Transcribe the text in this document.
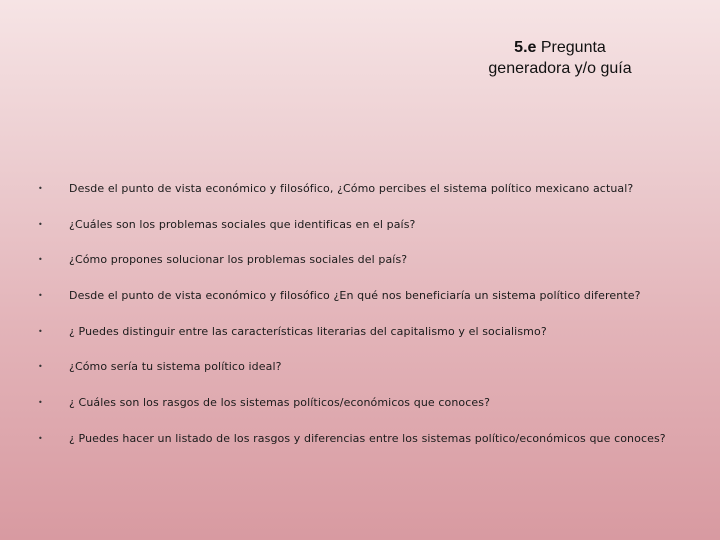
5.e Pregunta
generadora y/o guía
•	Desde el punto de vista económico y filosófico, ¿Cómo percibes el sistema político mexicano actual?
•	¿Cuáles son los problemas sociales que identificas en el país?
•	¿Cómo propones solucionar los problemas sociales del país?
•	Desde el punto de vista económico y filosófico ¿En qué nos beneficiaría un sistema político diferente?
•	¿ Puedes distinguir entre las características literarias del capitalismo y el socialismo?
•	¿Cómo sería tu sistema político ideal?
•	¿ Cuáles son los rasgos de los sistemas políticos/económicos que conoces?
•	¿ Puedes hacer un listado de los rasgos y diferencias entre los sistemas político/económicos que conoces?
